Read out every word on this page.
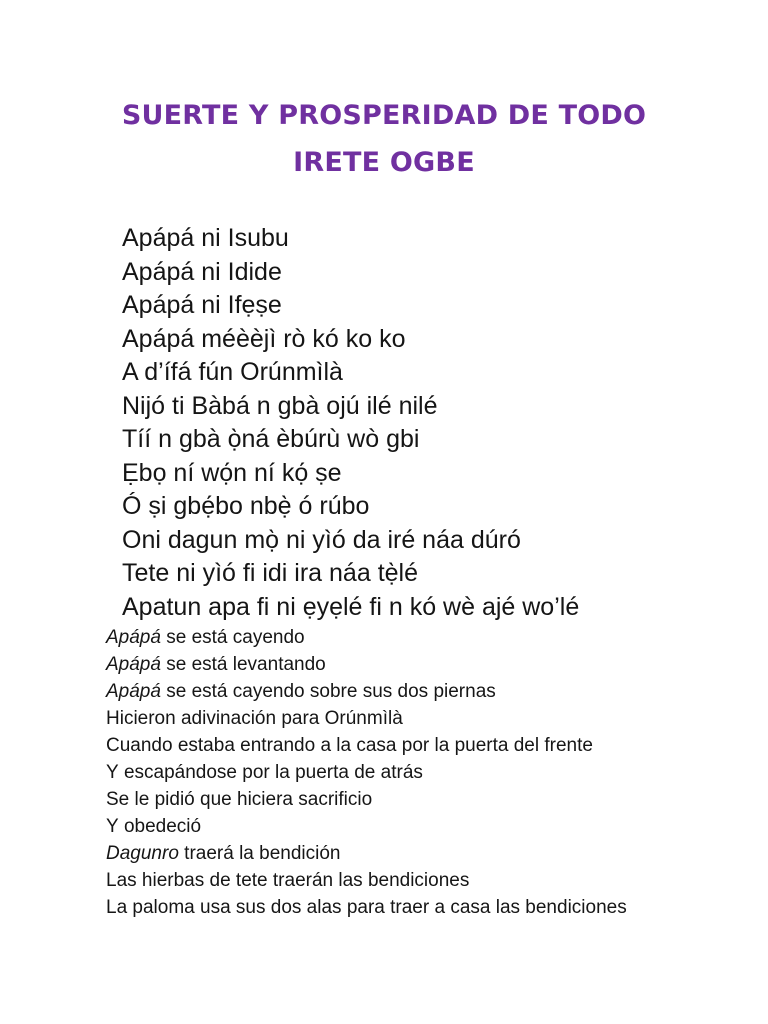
SUERTE Y PROSPERIDAD DE TODO
IRETE OGBE
Apápá ni Isubu
Apápá ni Idide
Apápá ni Ifẹṣe
Apápá méèèjì rò kó ko ko
A d’ífá fún Orúnmìlà
Nijó ti Bàbá n gbà ojú ilé nilé
Tíí n gbà ọ̀ná èbúrù wò gbi
Ẹbọ ní wọ́n ní kọ́ ṣe
Ó ṣi gbẹ́bo nbẹ̀ ó rúbo
Oni dagun mọ̀ ni yìó da iré náa dúró
Tete ni yìó fi idi ira náa tẹ̀lé
Apatun apa fi ni ẹyẹlé fi n kó wè ajé wo’lé
Apápá se está cayendo
Apápá se está levantando
Apápá se está cayendo sobre sus dos piernas
Hicieron adivinación para Orúnmìlà
Cuando estaba entrando a la casa por la puerta del frente
Y escapándose por la puerta de atrás
Se le pidió que hiciera sacrificio
Y obedeció
Dagunro traerá la bendición
Las hierbas de tete traerán las bendiciones
La paloma usa sus dos alas para traer a casa las bendiciones
